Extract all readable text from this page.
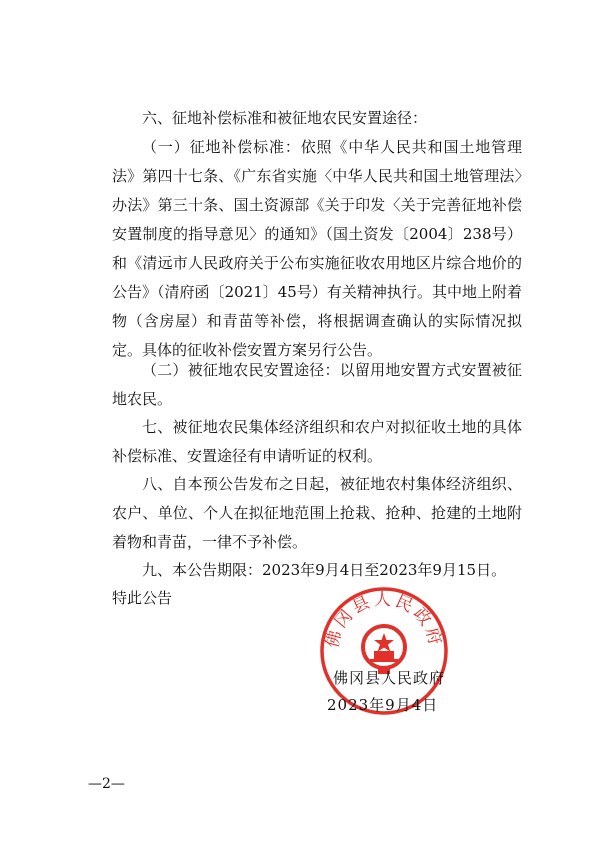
六、征地补偿标准和被征地农民安置途径：

（一）征地补偿标准：依照《中华人民共和国土地管理法》第四十七条、《广东省实施〈中华人民共和国土地管理法〉办法》第三十条、国土资源部《关于印发〈关于完善征地补偿安置制度的指导意见〉的通知》（国土资发〔2004〕238号）和《清远市人民政府关于公布实施征收农用地区片综合地价的公告》（清府函〔2021〕45号）有关精神执行。其中地上附着物（含房屋）和青苗等补偿，将根据调查确认的实际情况拟定。具体的征收补偿安置方案另行公告。

（二）被征地农民安置途径：以留用地安置方式安置被征地农民。

七、被征地农民集体经济组织和农户对拟征收土地的具体补偿标准、安置途径有申请听证的权利。

八、自本预公告发布之日起，被征地农村集体经济组织、农户、单位、个人在拟征地范围上抢栽、抢种、抢建的土地附着物和青苗，一律不予补偿。

九、本公告期限：2023年9月4日至2023年9月15日。

特此公告

佛冈县人民政府

佛冈县人民政府

2023年9月4日

—2—
